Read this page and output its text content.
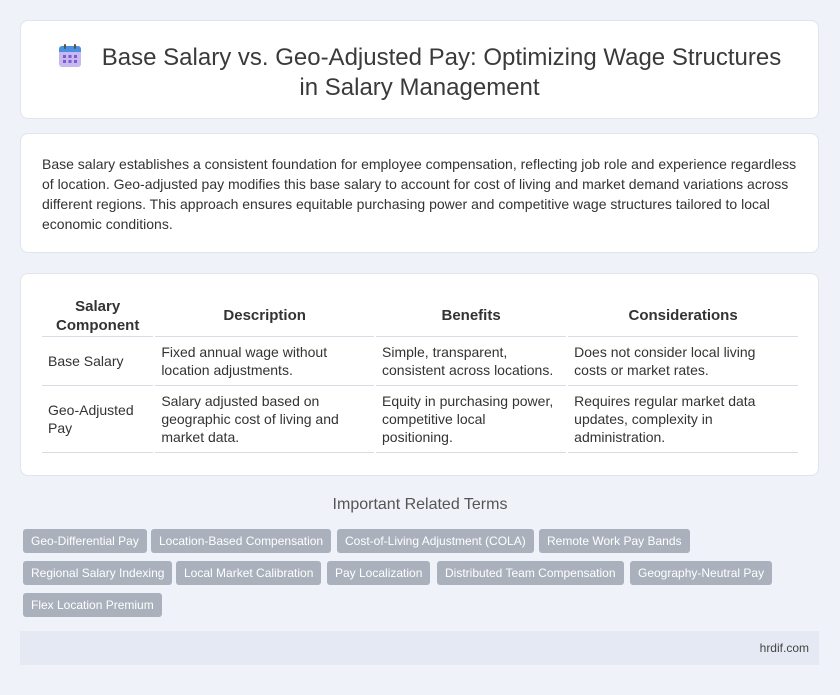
Base Salary vs. Geo-Adjusted Pay: Optimizing Wage Structures in Salary Management

Base salary establishes a consistent foundation for employee compensation, reflecting job role and experience regardless of location. Geo-adjusted pay modifies this base salary to account for cost of living and market demand variations across different regions. This approach ensures equitable purchasing power and competitive wage structures tailored to local economic conditions.

Salary Component	Description	Benefits	Considerations
Base Salary	Fixed annual wage without location adjustments.	Simple, transparent, consistent across locations.	Does not consider local living costs or market rates.
Geo-Adjusted Pay	Salary adjusted based on geographic cost of living and market data.	Equity in purchasing power, competitive local positioning.	Requires regular market data updates, complexity in administration.
Important Related Terms
Geo-Differential Pay	Location-Based Compensation	Cost-of-Living Adjustment (COLA)	Remote Work Pay Bands
Regional Salary Indexing	Local Market Calibration	Pay Localization	Distributed Team Compensation	Geography-Neutral Pay
Flex Location Premium
hrdif.com
